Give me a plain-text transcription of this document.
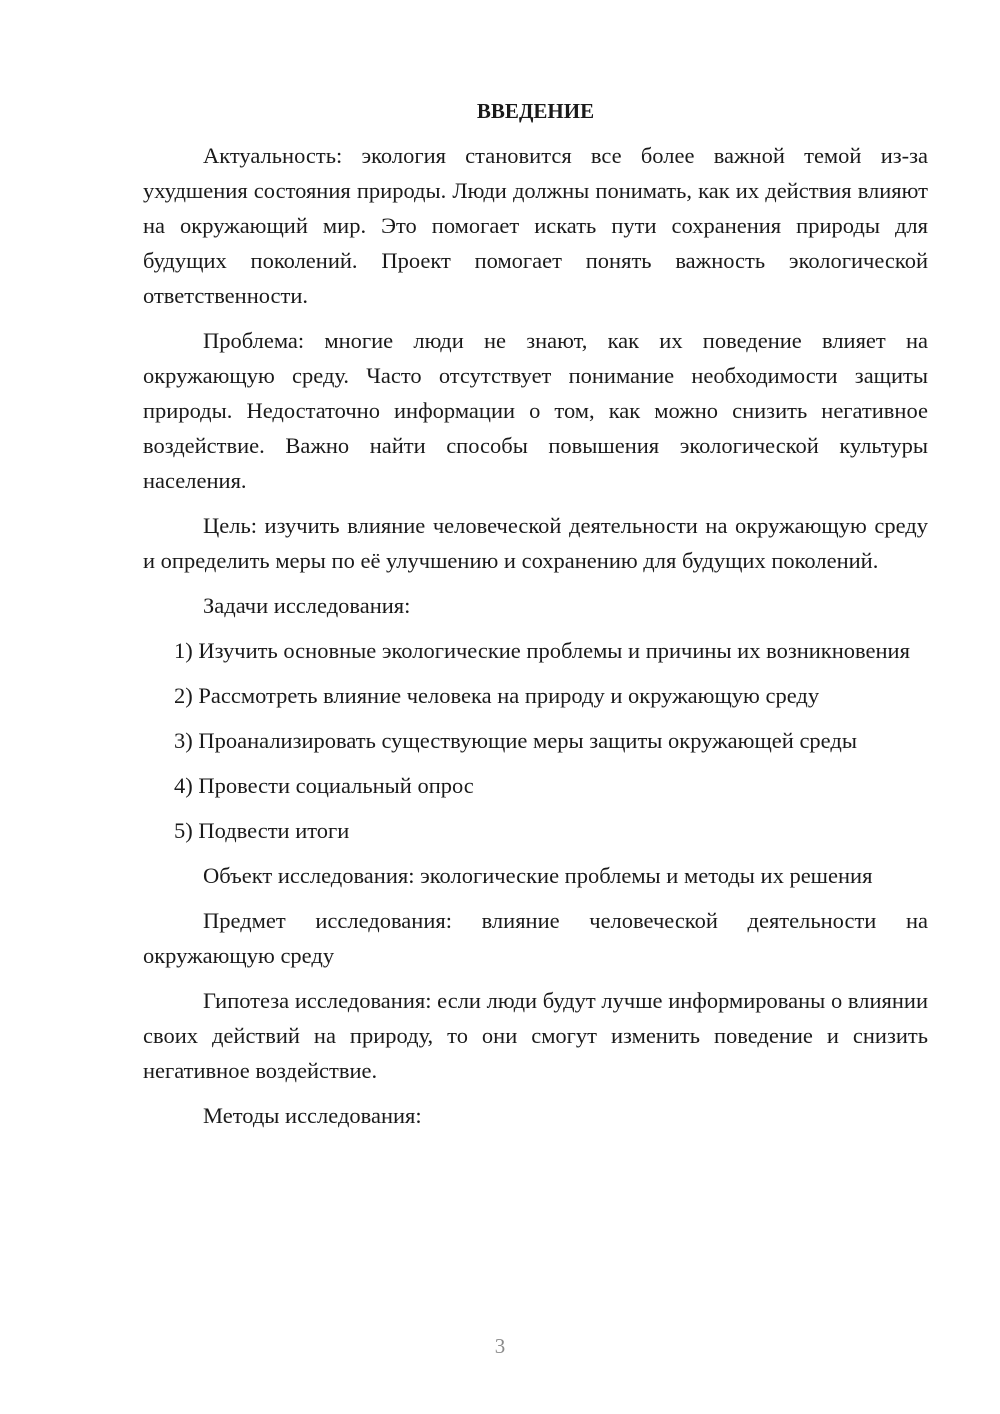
ВВЕДЕНИЕ

Актуальность: экология становится все более важной темой из-за ухудшения состояния природы. Люди должны понимать, как их действия влияют на окружающий мир. Это помогает искать пути сохранения природы для будущих поколений. Проект помогает понять важность экологической ответственности.

Проблема: многие люди не знают, как их поведение влияет на окружающую среду. Часто отсутствует понимание необходимости защиты природы. Недостаточно информации о том, как можно снизить негативное воздействие. Важно найти способы повышения экологической культуры населения.

Цель: изучить влияние человеческой деятельности на окружающую среду и определить меры по её улучшению и сохранению для будущих поколений.

Задачи исследования:

1) Изучить основные экологические проблемы и причины их возникновения

2) Рассмотреть влияние человека на природу и окружающую среду

3) Проанализировать существующие меры защиты окружающей среды

4) Провести социальный опрос

5) Подвести итоги

Объект исследования: экологические проблемы и методы их решения

Предмет исследования: влияние человеческой деятельности на окружающую среду

Гипотеза исследования: если люди будут лучше информированы о влиянии своих действий на природу, то они смогут изменить поведение и снизить негативное воздействие.

Методы исследования:

3
